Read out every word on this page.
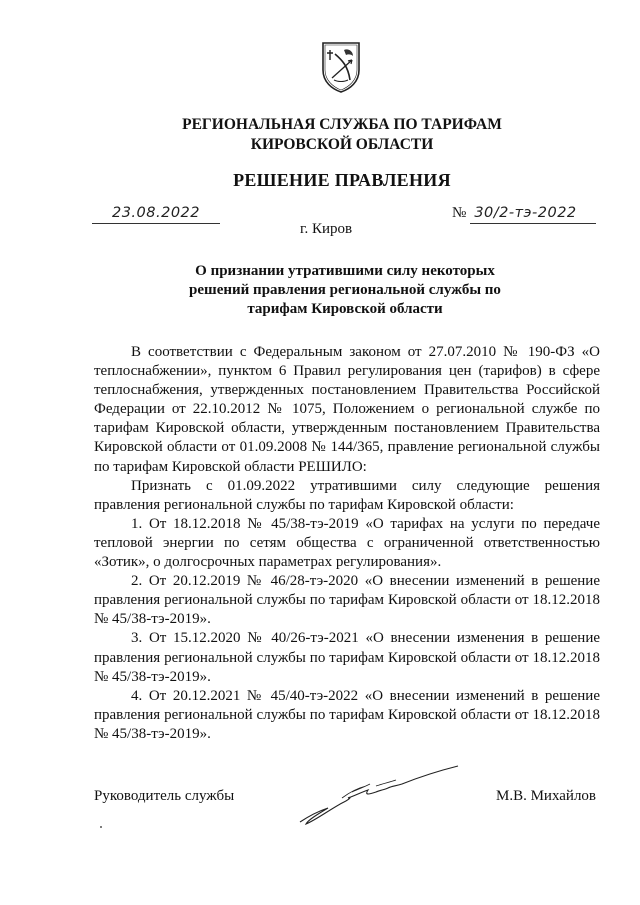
РЕГИОНАЛЬНАЯ СЛУЖБА ПО ТАРИФАМ
КИРОВСКОЙ ОБЛАСТИ
РЕШЕНИЕ ПРАВЛЕНИЯ
23.08.2022	№ 30/2-тэ-2022
г. Киров
О признании утратившими силу некоторых
решений правления региональной службы по
тарифам Кировской области

В соответствии с Федеральным законом от 27.07.2010 № 190-ФЗ «О теплоснабжении», пунктом 6 Правил регулирования цен (тарифов) в сфере теплоснабжения, утвержденных постановлением Правительства Российской Федерации от 22.10.2012 № 1075, Положением о региональной службе по тарифам Кировской области, утвержденным постановлением Правительства Кировской области от 01.09.2008 № 144/365, правление региональной службы по тарифам Кировской области РЕШИЛО:

Признать с 01.09.2022 утратившими силу следующие решения правления региональной службы по тарифам Кировской области:

1. От 18.12.2018 № 45/38-тэ-2019 «О тарифах на услуги по передаче тепловой энергии по сетям общества с ограниченной ответственностью «Зотик», о долгосрочных параметрах регулирования».

2. От 20.12.2019 № 46/28-тэ-2020 «О внесении изменений в решение правления региональной службы по тарифам Кировской области от 18.12.2018 № 45/38-тэ-2019».

3. От 15.12.2020 № 40/26-тэ-2021 «О внесении изменения в решение правления региональной службы по тарифам Кировской области от 18.12.2018 № 45/38-тэ-2019».

4. От 20.12.2021 № 45/40-тэ-2022 «О внесении изменений в решение правления региональной службы по тарифам Кировской области от 18.12.2018 № 45/38-тэ-2019».

Руководитель службы	М.В. Михайлов
